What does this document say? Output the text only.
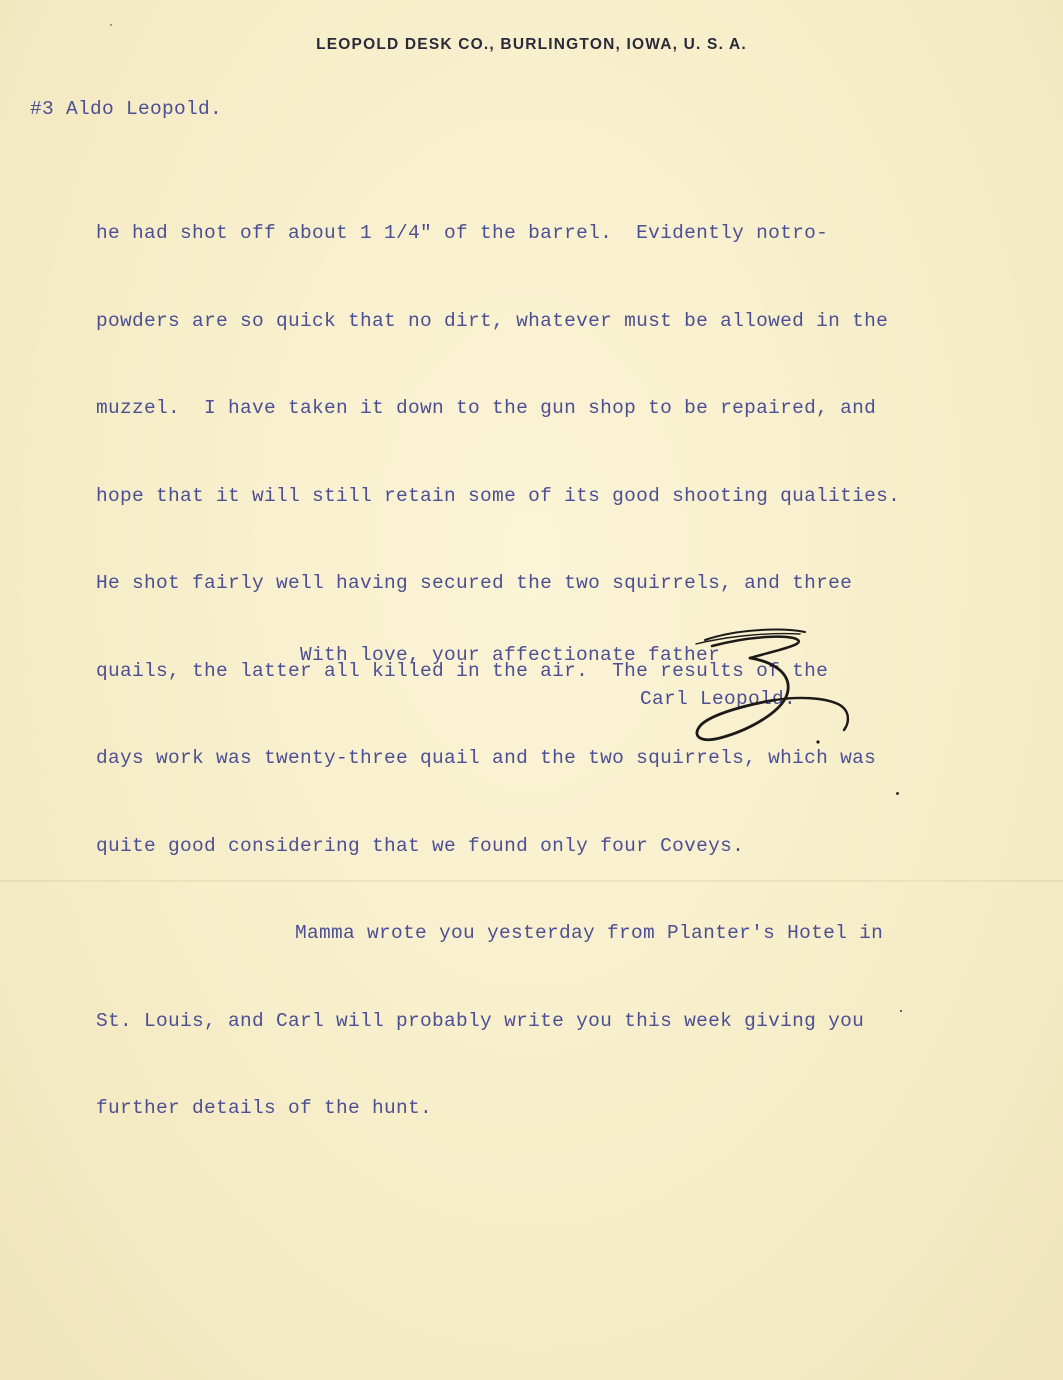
LEOPOLD DESK CO., BURLINGTON, IOWA, U. S. A.
#3 Aldo Leopold.

he had shot off about 1 1/4" of the barrel.  Evidently notro-

powders are so quick that no dirt, whatever must be allowed in the

muzzel.  I have taken it down to the gun shop to be repaired, and

hope that it will still retain some of its good shooting qualities.

He shot fairly well having secured the two squirrels, and three

quails, the latter all killed in the air.  The results of the

days work was twenty-three quail and the two squirrels, which was

quite good considering that we found only four Coveys.

Mamma wrote you yesterday from Planter's Hotel in

St. Louis, and Carl will probably write you this week giving you

further details of the hunt.

With love, your affectionate father
Carl Leopold.
